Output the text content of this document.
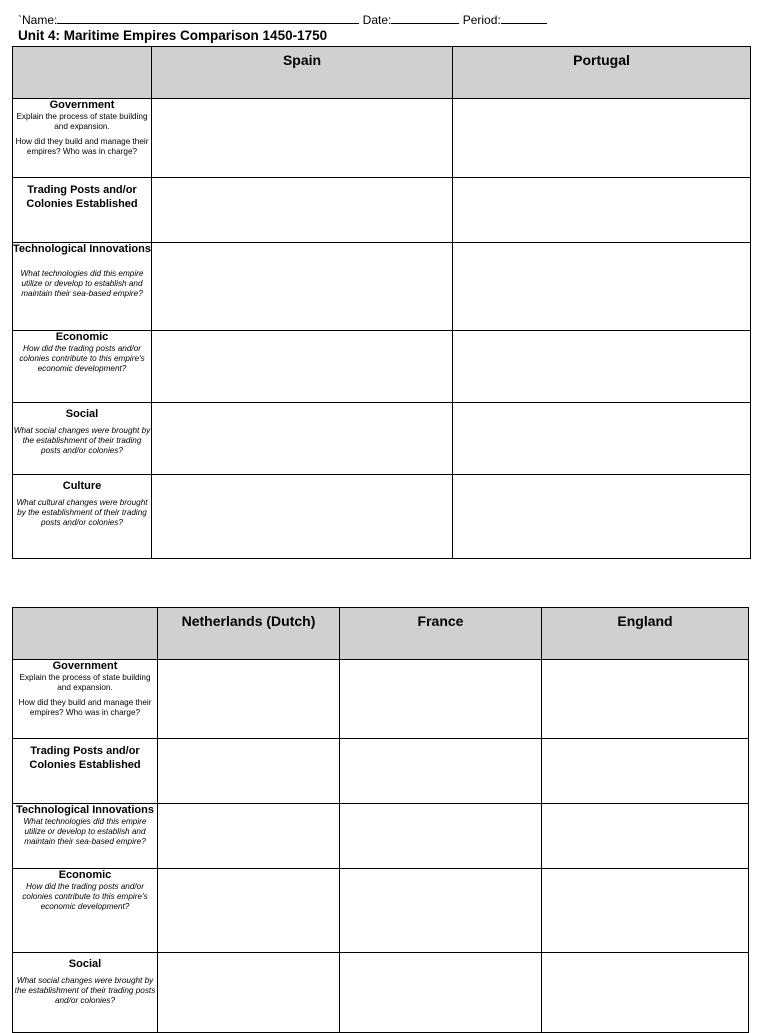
`Name:	Date:	Period:
Unit 4: Maritime Empires Comparison 1450-1750
	Spain	Portugal

Government
Explain the process of state building and expansion.
How did they build and manage their empires? Who was in charge?		

Trading Posts and/or Colonies Established		

Technological Innovations
What technologies did this empire utilize or develop to establish and maintain their sea-based empire?		

Economic
How did the trading posts and/or colonies contribute to this empire's economic development?		

Social
What social changes were brought by the establishment of their trading posts and/or colonies?		

Culture
What cultural changes were brought by the establishment of their trading posts and/or colonies?		

	Netherlands (Dutch)	France	England

Government
Explain the process of state building and expansion.
How did they build and manage their empires? Who was in charge?			

Trading Posts and/or Colonies Established			

Technological Innovations
What technologies did this empire utilize or develop to establish and maintain their sea-based empire?			

Economic
How did the trading posts and/or colonies contribute to this empire's economic development?			

Social
What social changes were brought by the establishment of their trading posts and/or colonies?			
